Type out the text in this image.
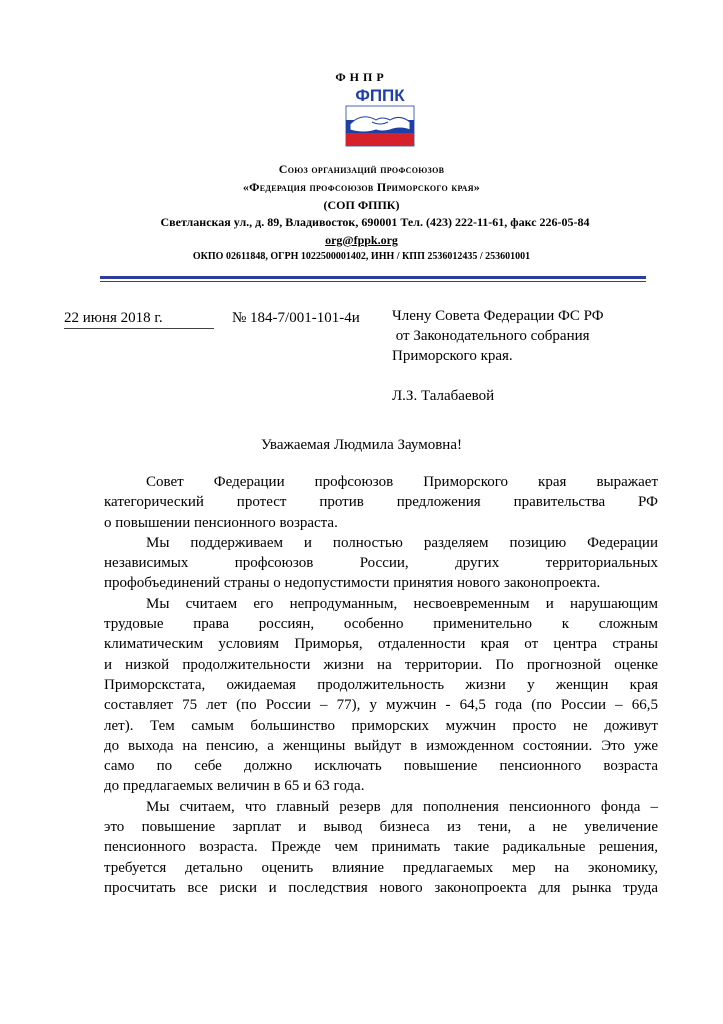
ФНПР
ФППК
Союз организаций профсоюзов
«Федерация профсоюзов Приморского края»
(СОП ФППК)
Светланская ул., д. 89, Владивосток, 690001 Тел. (423) 222-11-61, факс 226-05-84
org@fppk.org
ОКПО 02611848, ОГРН 1022500001402, ИНН / КПП 2536012435 / 253601001
22 июня 2018 г.	№ 184-7/001-101-4и Члену Совета Федерации ФС РФ
от Законодательного собрания
Приморского края.
Л.З. Талабаевой
Уважаемая Людмила Заумовна!
Совет Федерации профсоюзов Приморского края выражает
категорический протест против предложения правительства РФ
о повышении пенсионного возраста.
Мы поддерживаем и полностью разделяем позицию Федерации
независимых профсоюзов России, других территориальных
профобъединений страны о недопустимости принятия нового законопроекта.
Мы считаем его непродуманным, несвоевременным и нарушающим
трудовые права россиян, особенно применительно к сложным
климатическим условиям Приморья, отдаленности края от центра страны
и низкой продолжительности жизни на территории. По прогнозной оценке
Приморскстата, ожидаемая продолжительность жизни у женщин края
составляет 75 лет (по России – 77), у мужчин - 64,5 года (по России – 66,5
лет). Тем самым большинство приморских мужчин просто не доживут
до выхода на пенсию, а женщины выйдут в изможденном состоянии. Это уже
само по себе должно исключать повышение пенсионного возраста
до предлагаемых величин в 65 и 63 года.
Мы считаем, что главный резерв для пополнения пенсионного фонда –
это повышение зарплат и вывод бизнеса из тени, а не увеличение
пенсионного возраста. Прежде чем принимать такие радикальные решения,
требуется детально оценить влияние предлагаемых мер на экономику,
просчитать все риски и последствия нового законопроекта для рынка труда
